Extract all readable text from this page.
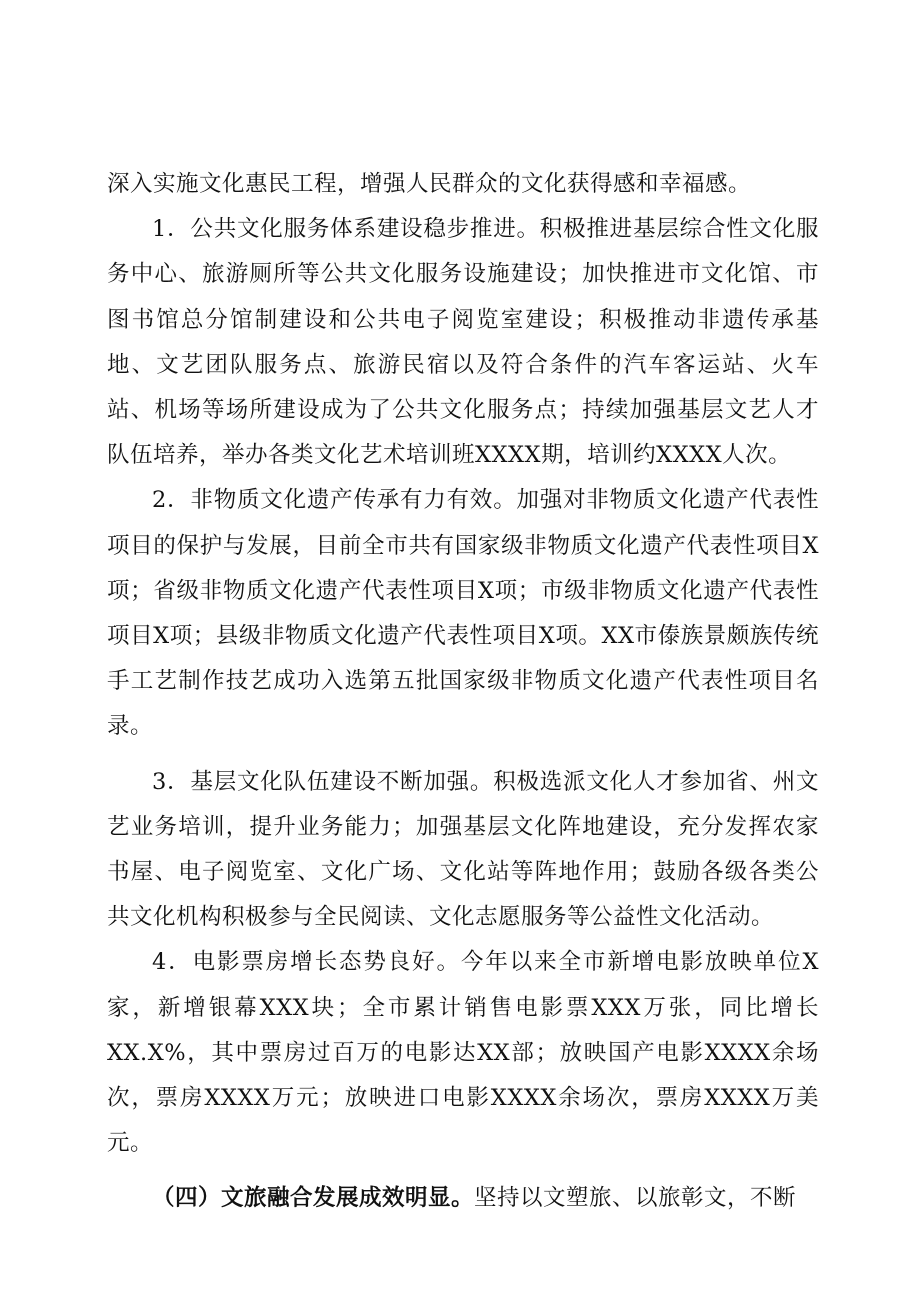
深入实施文化惠民工程，增强人民群众的文化获得感和幸福感。

1．公共文化服务体系建设稳步推进。积极推进基层综合性文化服务中心、旅游厕所等公共文化服务设施建设；加快推进市文化馆、市图书馆总分馆制建设和公共电子阅览室建设；积极推动非遗传承基地、文艺团队服务点、旅游民宿以及符合条件的汽车客运站、火车站、机场等场所建设成为了公共文化服务点；持续加强基层文艺人才队伍培养，举办各类文化艺术培训班XXXX期，培训约XXXX人次。

2．非物质文化遗产传承有力有效。加强对非物质文化遗产代表性项目的保护与发展，目前全市共有国家级非物质文化遗产代表性项目X项；省级非物质文化遗产代表性项目X项；市级非物质文化遗产代表性项目X项；县级非物质文化遗产代表性项目X项。XX市傣族景颇族传统手工艺制作技艺成功入选第五批国家级非物质文化遗产代表性项目名录。

3．基层文化队伍建设不断加强。积极选派文化人才参加省、州文艺业务培训，提升业务能力；加强基层文化阵地建设，充分发挥农家书屋、电子阅览室、文化广场、文化站等阵地作用；鼓励各级各类公共文化机构积极参与全民阅读、文化志愿服务等公益性文化活动。

4．电影票房增长态势良好。今年以来全市新增电影放映单位X家，新增银幕XXX块；全市累计销售电影票XXX万张，同比增长XX.X%，其中票房过百万的电影达XX部；放映国产电影XXXX余场次，票房XXXX万元；放映进口电影XXXX余场次，票房XXXX万美元。

（四）文旅融合发展成效明显。坚持以文塑旅、以旅彰文，不断
